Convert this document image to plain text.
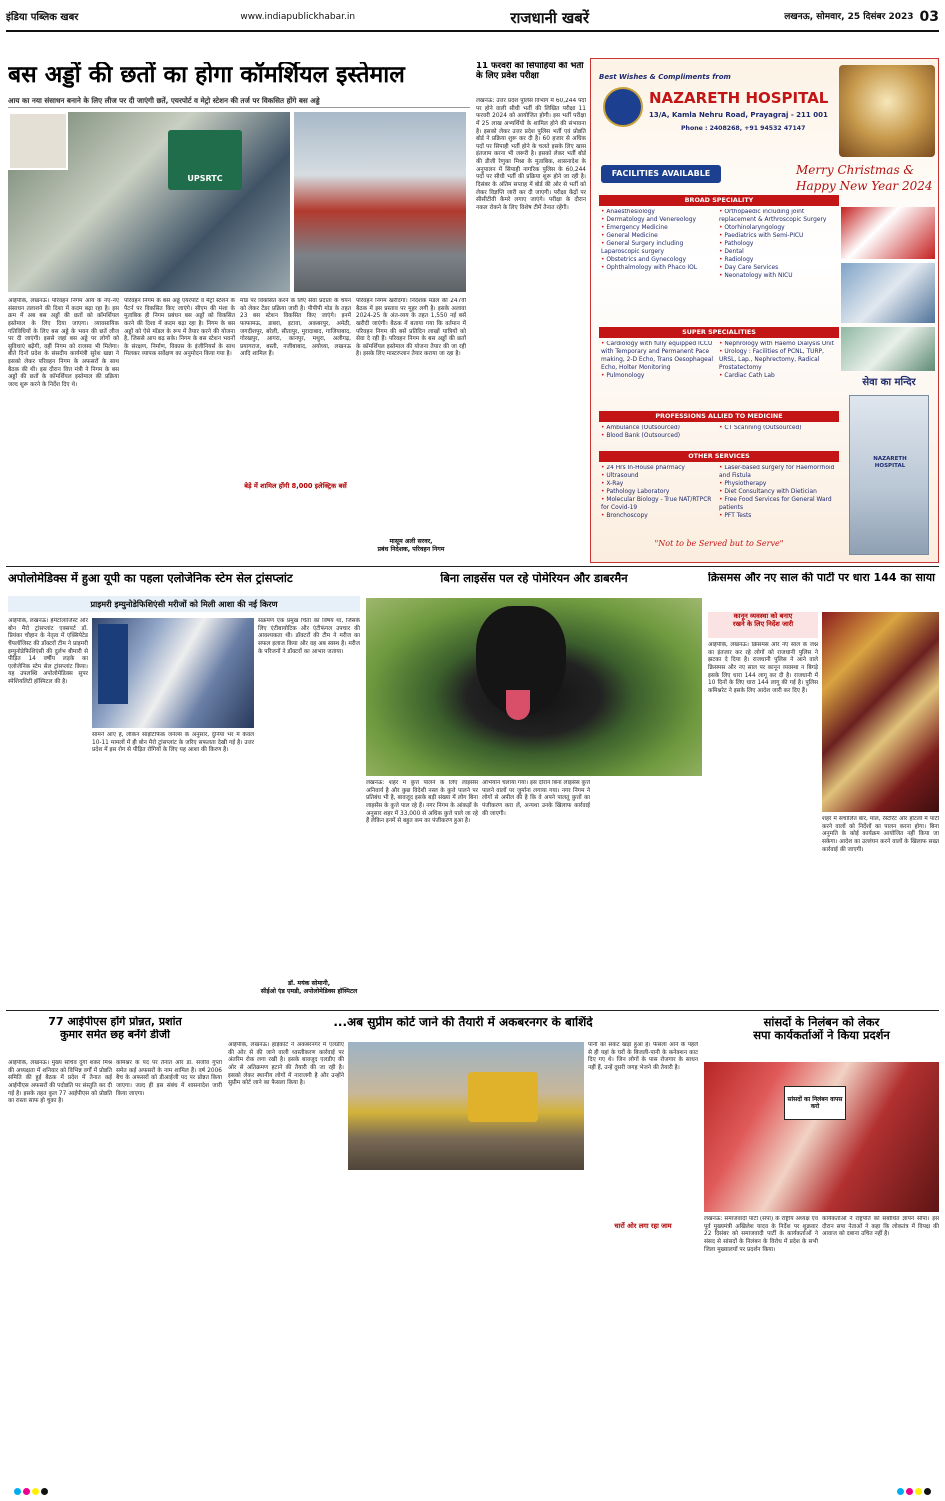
इंडिया पब्लिक खबर	www.indiapublickhabar.in	राजधानी खबरें	लखनऊ, सोमवार, 25 दिसंबर 2023 03
बस अड्डों की छतों का होगा कॉमर्शियल इस्तेमाल
आय का नया संसाधन बनाने के लिए लीज पर दी जाएंगी छतें, एयरपोर्ट व मेट्रो स्टेशन की तर्ज पर विकसित होंगे बस अड्डे
UPSRTC
आईपीके, लखनऊ। परिवहन निगम आय के नए-नए संसाधन तलाशने की दिशा में कदम बढ़ा रहा है। इस क्रम में अब बस अड्डों की छतों को कॉमर्शियल इस्तेमाल के लिए दिया जाएगा। व्यावसायिक गतिविधियों के लिए बस अड्डे के भवन की छतें लीज पर दी जाएंगी। इससे जहां बस अड्डे पर लोगों को सुविधाएं बढ़ेंगी, वहीं निगम को राजस्व भी मिलेगा। बीते दिनों प्रदेश के संसदीय कार्यमंत्री सुरेश खन्ना ने इसको लेकर परिवहन निगम के अफसरों के साथ बैठक की थी। इस दौरान वित्त मंत्री ने निगम के बस अड्डों की छतों के कॉमर्शियल इस्तेमाल की प्रक्रिया जल्द शुरू करने के निर्देश दिए थे।
परिवहन निगम के बस अड्डे एयरपोर्ट व मेट्रो स्टेशन के पैटर्न पर विकसित किए जाएंगे। सीएम की मंशा के मुताबिक ही निगम प्रबंधन बस अड्डों को विकसित करने की दिशा में कदम बढ़ा रहा है। निगम के बस अड्डों को ऐसे मॉडल के रूप में तैयार करने की योजना है, जिससे आय बढ़ सके। निगम के बस स्टेशन भवनों के संरक्षण, निर्माण, विकास के इंजीनियर्स के साथ मिलकर व्यापक सर्वेक्षण का अनुमोदन किया गया है।
मोड पर विकसित करने के लिए सेवा प्रदाता के चयन को लेकर टेंडर प्रक्रिया जारी है। पीपीपी मोड के तहत 23 बस स्टेशन विकसित किए जाएंगे। इनमें फाफामऊ, डाबरा, इटावा, अकबरपुर, अमेठी, जगदीशपुर, बरेली, सीतापुर, मुरादाबाद, गाजियाबाद, गोरखपुर, आगरा, कानपुर, मथुरा, अलीगढ़, प्रयागराज, बस्ती, नजीबाबाद, अयोध्या, लखनऊ आदि शामिल हैं।
बेड़े में शामिल होंगी 8,000 इलेक्ट्रिक बसें
परिवहन निगम खरीदेगा। निदेशक मंडल की 247वीं बैठक में इस प्रस्ताव पर मुहर लगी है। इसके अलावा 2024-25 के अंत-व्यय के तहत 1,550 नई बसें खरीदी जाएंगी। बैठक में बताया गया कि वर्तमान में परिवहन निगम की बसें प्रतिदिन लाखों यात्रियों को सेवा दे रही हैं। परिवहन निगम के बस अड्डों की छतों के कॉमर्शियल इस्तेमाल की योजना तैयार की जा रही है। इसके लिए मास्टरप्लान तैयार कराया जा रहा है।
मासूम अली सरवर,
प्रबंध निदेशक, परिवहन निगम
11 फरवरी को सिपाहियों की भर्ती के लिए प्रवेश परीक्षा
लखनऊ: उत्तर प्रदेश पुलिस विभाग में 60,244 पदों पर होने वाली सीधी भर्ती की लिखित परीक्षा 11 फरवरी 2024 को आयोजित होगी। इस भर्ती परीक्षा में 25 लाख अभ्यर्थियों के शामिल होने की संभावना है। इसको लेकर उत्तर प्रदेश पुलिस भर्ती एवं प्रोन्नति बोर्ड ने प्रक्रिया शुरू कर दी है। 60 हजार से अधिक पदों पर सिपाही भर्ती होने के चलते इसके लिए खास इंतजाम करना भी जरूरी है। इसको लेकर भर्ती बोर्ड की डीजी रेणुका मिश्रा के मुताबिक, शासनादेश के अनुपालन में सिपाही नागरिक पुलिस के 60,244 पदों पर सीधी भर्ती की प्रक्रिया शुरू होने जा रही है। दिसंबर के अंतिम सप्ताह में बोर्ड की ओर से भर्ती को लेकर विज्ञप्ति जारी कर दी जाएगी। परीक्षा केंद्रों पर सीसीटीवी कैमरे लगाए जाएंगे। परीक्षा के दौरान नकल रोकने के लिए विशेष टीमें तैनात रहेंगी।
Best Wishes & Compliments from
NAZARETH HOSPITAL
13/A, Kamla Nehru Road, Prayagraj - 211 001
Phone : 2408268, +91 94532 47147
Merry Christmas &
Happy New Year 2024
FACILITIES AVAILABLE
BROAD SPECIALITY
• Anaesthesiology
• Dermatology and Venereology
• Emergency Medicine
• General Medicine
• General Surgery including Laparoscopic surgery
• Obstetrics and Gynecology
• Ophthalmology with Phaco IOL
• Orthopaedic including joint replacement & Arthroscopic Surgery
• Otorhinolaryngology
• Paediatrics with Semi-PICU
• Pathology
• Dental
• Radiology
• Day Care Services
• Neonatology with NICU
SUPER SPECIALITIES
• Cardiology with fully equipped ICCU with Temporary and Permanent Pace making, 2-D Echo, Trans Oesophageal Echo, Holter Monitoring
• Pulmonology
• Nephrology with Haemo Dialysis Unit
• Urology : Facilities of PCNL, TURP, URSL, Lap., Nephrectomy, Radical Prostatectomy
• Cardiac Cath Lab
PROFESSIONS ALLIED TO MEDICINE
• Ambulance (Outsourced)
• Blood Bank (Outsourced)
• CT Scanning (Outsourced)
OTHER SERVICES
• 24 Hrs In-House pharmacy
• Ultrasound
• X-Ray
• Pathology Laboratory
• Molecular Biology - True NAT/RTPCR for Covid-19
• Bronchoscopy
• Laser-based surgery for Haemorrhoid and Fistula
• Physiotherapy
• Diet Consultancy with Dietician
• Free Food Services for General Ward patients
• PFT Tests
"Not to be Served but to Serve"
सेवा का मन्दिर
NAZARETH HOSPITAL
अपोलोमेडिक्स में हुआ यूपी का पहला एलोजेनिक स्टेम सेल ट्रांसप्लांट
प्राइमरी इम्युनोडेफिशिएंसी मरीजों को मिली आशा की नई किरण
आईपीके, लखनऊ। हेमेटोलॉजिस्ट और बोन मैरो ट्रांसप्लांट एक्सपर्ट डॉ. प्रियंका चौहान के नेतृत्व में एक्सिपेटेड चैंपलॉजिस्ट की डॉक्टरों टीम ने प्राइमरी इम्युनोडेफिशिएंसी की दुर्लभ बीमारी से पीड़ित 14 वर्षीय लड़के का एलोजेनिक स्टेम सेल ट्रांसप्लांट किया। यह उपलब्धि अपोलोमेडिक्स सुपर स्पेशियलिटी हॉस्पिटल की है।
सामने आए हैं, लेकिन साइंटिफिक जर्नल्स के अनुसार, दुनिया भर में केवल 10-11 मामलों में ही बोन मैरो ट्रांसप्लांट के जरिए सफलता देखी गई है। उत्तर प्रदेश में इस रोग से पीड़ित रोगियों के लिए यह आशा की किरण है।
संक्रमण एक प्रमुख चिंता का विषय था, जिसके लिए एंटीबायोटिक और एंटीफंगल उपचार की आवश्यकता थी। डॉक्टरों की टीम ने मरीज का सफल इलाज किया और वह अब स्वस्थ है। मरीज के परिजनों ने डॉक्टरों का आभार जताया।
डॉ. मयंक सोमानी,
सीईओ एंड एमडी, अपोलोमेडिक्स हॉस्पिटल
बिना लाइसेंस पल रहे पोमेरियन और डाबरमैन
लखनऊ: शहर में कुत्ते पालने के लिए लाइसेंस अनिवार्य है और कुछ विदेशी नस्ल के कुत्ते पालने पर प्रतिबंध भी है, बावजूद इसके बड़ी संख्या में लोग बिना लाइसेंस के कुत्ते पाल रहे हैं। नगर निगम के आंकड़ों के अनुसार शहर में 33,000 से अधिक कुत्ते पाले जा रहे हैं लेकिन इनमें से बहुत कम का पंजीकरण हुआ है।
अभियान चलाया गया। इस दौरान बिना लाइसेंस कुत्ते पालने वालों पर जुर्माना लगाया गया। नगर निगम ने लोगों से अपील की है कि वे अपने पालतू कुत्तों का पंजीकरण करा लें, अन्यथा उनके खिलाफ कार्रवाई की जाएगी।
क्रिसमस और नए साल की पार्टी पर धारा 144 का साया
कानून व्यवस्था को बनाए
रखने के लिए निर्देश जारी
आईपीके, लखनऊ। क्रिसमस और नए साल के जश्न का इंतजार कर रहे लोगों को राजधानी पुलिस ने झटका दे दिया है। राजधानी पुलिस ने आने वाले क्रिसमस और नए साल पर कानून व्यवस्था न बिगड़े इसके लिए धारा 144 लागू कर दी है। राजधानी में 10 दिनों के लिए धारा 144 लागू की गई है। पुलिस कमिश्नरेट ने इसके लिए आदेश जारी कर दिए हैं।
शहर में संचालित बार, मॉल, रेस्टोरेंट और होटलों में पार्टी करने वालों को निर्देशों का पालन करना होगा। बिना अनुमति के कोई कार्यक्रम आयोजित नहीं किया जा सकेगा। आदेश का उल्लंघन करने वालों के खिलाफ सख्त कार्रवाई की जाएगी।
77 आईपीएस होंगे प्रोन्नत, प्रशांत
कुमार समेत छह बनेंगे डीजी
आईपीके, लखनऊ। मुख्य सचिव दुर्गा शंकर मिश्र की अध्यक्षता में शनिवार को विभिन्न वर्गों में प्रोन्नति समिति की हुई बैठक में प्रदेश में तैनात कई आईपीएस अफसरों की पदोन्नति पर संस्तुति कर दी गई है। इसके तहत कुल 77 आईपीएस को प्रोन्नति का रास्ता साफ हो चुका है।
कमिश्नर के पद पर तैनात और डॉ. संजीव गुप्ता समेत कई अफसरों के नाम शामिल हैं। वर्ष 2006 बैच के अफसरों को डीआईजी पद पर प्रोन्नत किया जाएगा। जल्द ही इस संबंध में शासनादेश जारी किया जाएगा।
...अब सुप्रीम कोर्ट जाने की तैयारी में अकबरनगर के बाशिंदे
आईपीके, लखनऊ। हाईकोर्ट ने अकबरनगर में एलडीए की ओर से की जाने वाली ध्वस्तीकरण कार्रवाई पर अंतरिम रोक लगा रखी है। इसके बावजूद एलडीए की ओर से अतिक्रमण हटाने की तैयारी की जा रही है। इसको लेकर स्थानीय लोगों में नाराजगी है और उन्होंने सुप्रीम कोर्ट जाने का फैसला किया है।
पानी का संकट खड़ा हुआ है। फैसला आने के पहले से ही यहां के घरों के बिजली-पानी के कनेक्शन काट दिए गए थे। जिन लोगों के पास रोजगार के साधन नहीं हैं, उन्हें दूसरी जगह भेजने की तैयारी है।
चारों ओर लगा रहा जाम
सांसदों के निलंबन को लेकर
सपा कार्यकर्ताओं ने किया प्रदर्शन
सांसदों का निलंबन वापस करो
लखनऊ: समाजवादी पार्टी (सपा) के राष्ट्रीय अध्यक्ष एवं पूर्व मुख्यमंत्री अखिलेश यादव के निर्देश पर शुक्रवार 22 दिसंबर को समाजवादी पार्टी के कार्यकर्ताओं ने संसद से सांसदों के निलंबन के विरोध में प्रदेश के सभी जिला मुख्यालयों पर प्रदर्शन किया।
कार्यकर्ताओं ने राष्ट्रपति को संबोधित ज्ञापन सौंपा। इस दौरान सपा नेताओं ने कहा कि लोकतंत्र में विपक्ष की आवाज को दबाना उचित नहीं है।
